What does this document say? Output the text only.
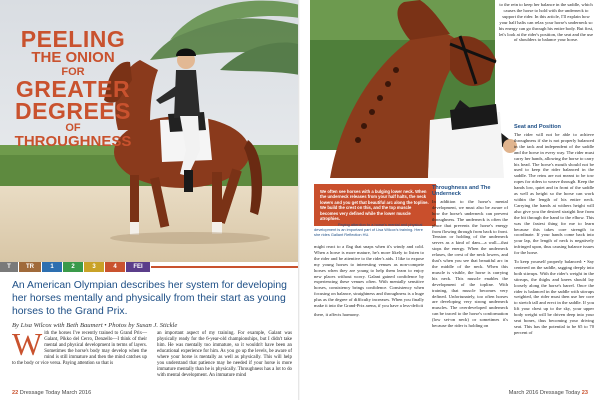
PEELING
THE ONION
FOR
GREATER
DEGREES
OF
THROUGHNESS
T	TR	1	2	3	4	FEI

An American Olympian describes her system for developing her horses mentally and physically from their start as young horses to the Grand Prix.

By Lisa Wilcox with Beth Baumert • Photos by Susan J. Stickle

With the horses I've recently trained to Grand Prix—Galant, Pikko del Cerro, Denzello—I think of their mental and physical development in terms of layers. Sometimes the horse's body may develop when the mind is still immature and then the mind catches up to the body or vice versa. Paying attention so that is

an important aspect of my training. For example, Galant was physically ready for the 6-year-old championships, but I didn't take him. He was mentally too immature, so it wouldn't have been an educational experience for him. As you go up the levels, be aware of where your horse is mentally as well as physically. This will help you understand that patience may be needed if your horse is more immature mentally than he is physically. Throughness has a lot to do with mental development. An immature mind

22 Dressage Today March 2016

to the rein to keep her balance in the saddle, which causes the horse to hold with the underneck to support the rider. In this article, I'll explain how your half halts can relax your horse's underneck so his energy can go through his entire body. But first, let's look at the rider's position, the seat and the use of shoulders to balance your horse.

We often see horses with a bulging lower neck. When the underneck releases from your half halts, the neck lowers and you get that beautiful arc along the topline. We build the crest on this, and the top muscle becomes very defined while the lower muscle atrophies.

LEFT PAGE: Paying attention to a horse's mental and physical development is an important part of Lisa Wilcox's training. Here she rides Gallant Reflection HU.

Throughness and The Underneck

In addition to the horse's mental development, we must also be aware of how the horse's underneck can prevent throughness. The underneck is often the place that prevents the horse's energy from flowing through from back to front. Tension or holding of the underneck serves as a kind of dam—a wall—that stops the energy. When the underneck relaxes, the crest of the neck lowers, and that's when you see that beautiful arc in the middle of the neck. When this muscle is visible, the horse is carrying his neck. This muscle enables the development of the topline. With training, that muscle becomes very defined. Unfortunately, too often horses are developing very strong underneck muscles. The overdeveloped underneck can be traced to the horse's conformation (low set-on neck) or sometimes it's because the rider is holding on

March 2016 Dressage Today 23

might react to a flag that snaps when it's windy and cold. When a horse is more mature, he's more likely to listen to the rider and be attentive to the rider's aids. I like to expose my young horses to interesting venues as non-compete horses when they are young to help them learn to enjoy new places without worry. Galant gained confidence by experiencing these venues often. With mentally sensitive horses, consistency brings confidence. Consistency when focusing on balance, straightness and throughness is a huge plus as the degree of difficulty increases. When you finally make it into the Grand-Prix arena, if you have a less-deficit

there, it affects harmony.

Seat and Position

The rider will not be able to achieve throughness if she is not properly balanced in the tack and independent of the saddle and the horse in every way. The rider must carry her hands, allowing the horse to carry his head. The horse's mouth should not be used to keep the rider balanced in the saddle. The reins are not meant to be tow ropes for riders to weave through. Keep the hands low, quiet and in front of the saddle as well as height so the horse can work within the length of his entire neck. Carrying the hands at withers height will also give you the desired straight line from the bit through the hand to the elbow. This was the fastest thing for me to learn because this takes core strength to coordinate. If your hands come back into your lap, the length of neck is negatively infringed upon, thus causing balance issues for the horse.

To keep yourself properly balanced: • Say centered on the saddle, sagging deeply into both stirrups. With the rider's weight in the stirrups, the thighs and knees should lay loosely along the horse's barrel. Once the rider is balanced in the saddle with stirrups weighted, the rider must then use her core to stretch tall and erect in the saddle. If you lift your chest up to the sky, your upper body weight will be driven deep into your seat bones, thus becoming your driving seat. This has the potential to be 65 to 70 percent of
